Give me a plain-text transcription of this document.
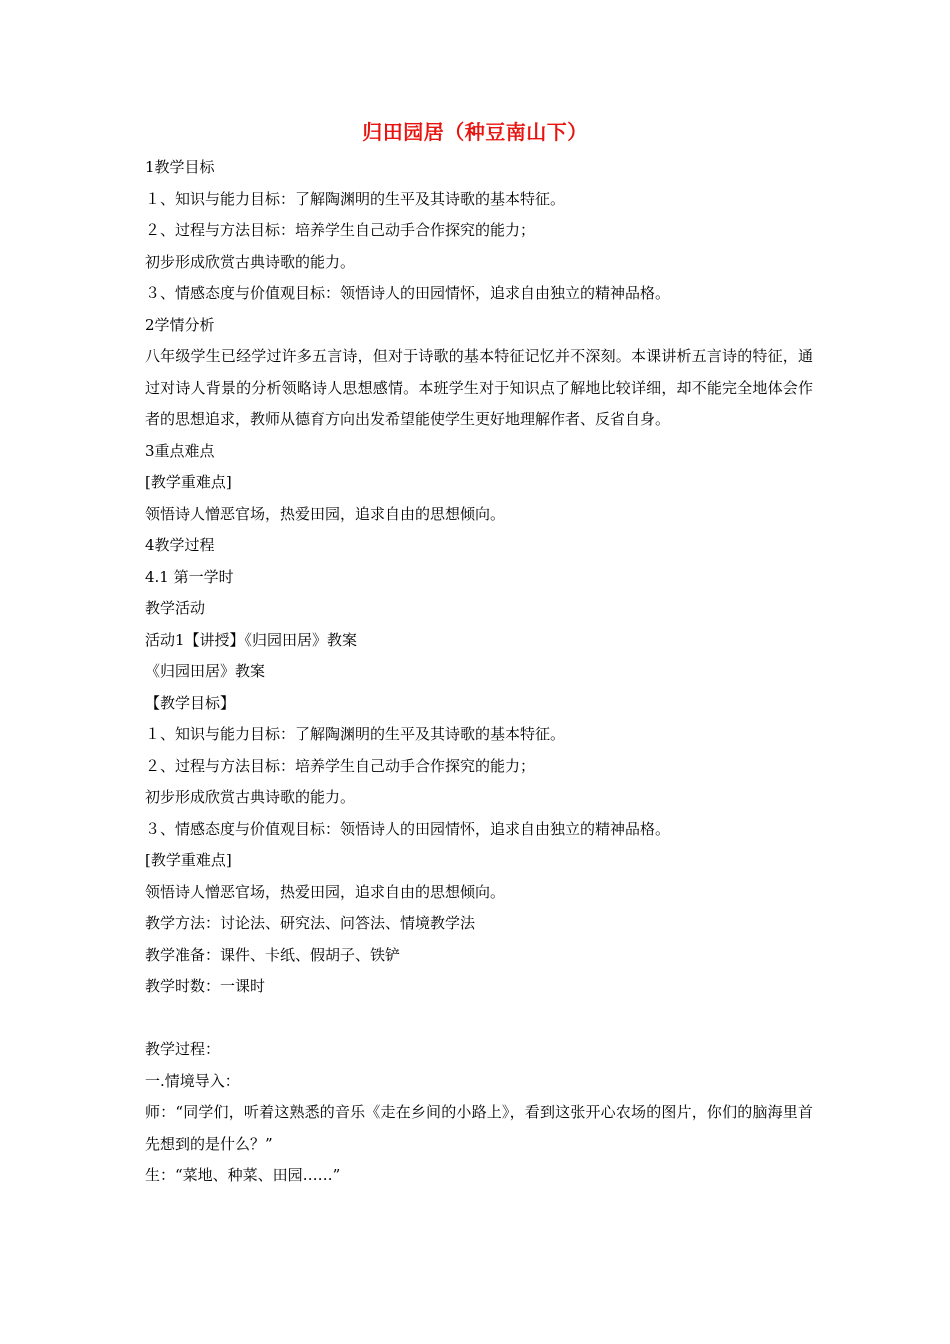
归田园居（种豆南山下）

1教学目标

１、知识与能力目标：了解陶渊明的生平及其诗歌的基本特征。

２、过程与方法目标：培养学生自己动手合作探究的能力；

初步形成欣赏古典诗歌的能力。

３、情感态度与价值观目标：领悟诗人的田园情怀，追求自由独立的精神品格。

2学情分析

八年级学生已经学过许多五言诗，但对于诗歌的基本特征记忆并不深刻。本课讲析五言诗的特征，通过对诗人背景的分析领略诗人思想感情。本班学生对于知识点了解地比较详细，却不能完全地体会作者的思想追求，教师从德育方向出发希望能使学生更好地理解作者、反省自身。

3重点难点

[教学重难点]

领悟诗人憎恶官场，热爱田园，追求自由的思想倾向。

4教学过程

4.1 第一学时

教学活动

活动1【讲授】《归园田居》教案

《归园田居》教案

【教学目标】

１、知识与能力目标：了解陶渊明的生平及其诗歌的基本特征。

２、过程与方法目标：培养学生自己动手合作探究的能力；

初步形成欣赏古典诗歌的能力。

３、情感态度与价值观目标：领悟诗人的田园情怀，追求自由独立的精神品格。

[教学重难点]

领悟诗人憎恶官场，热爱田园，追求自由的思想倾向。

教学方法：讨论法、研究法、问答法、情境教学法

教学准备：课件、卡纸、假胡子、铁铲

教学时数：一课时

教学过程：

一.情境导入：

师：“同学们，听着这熟悉的音乐《走在乡间的小路上》，看到这张开心农场的图片，你们的脑海里首先想到的是什么？”

生：“菜地、种菜、田园……”
